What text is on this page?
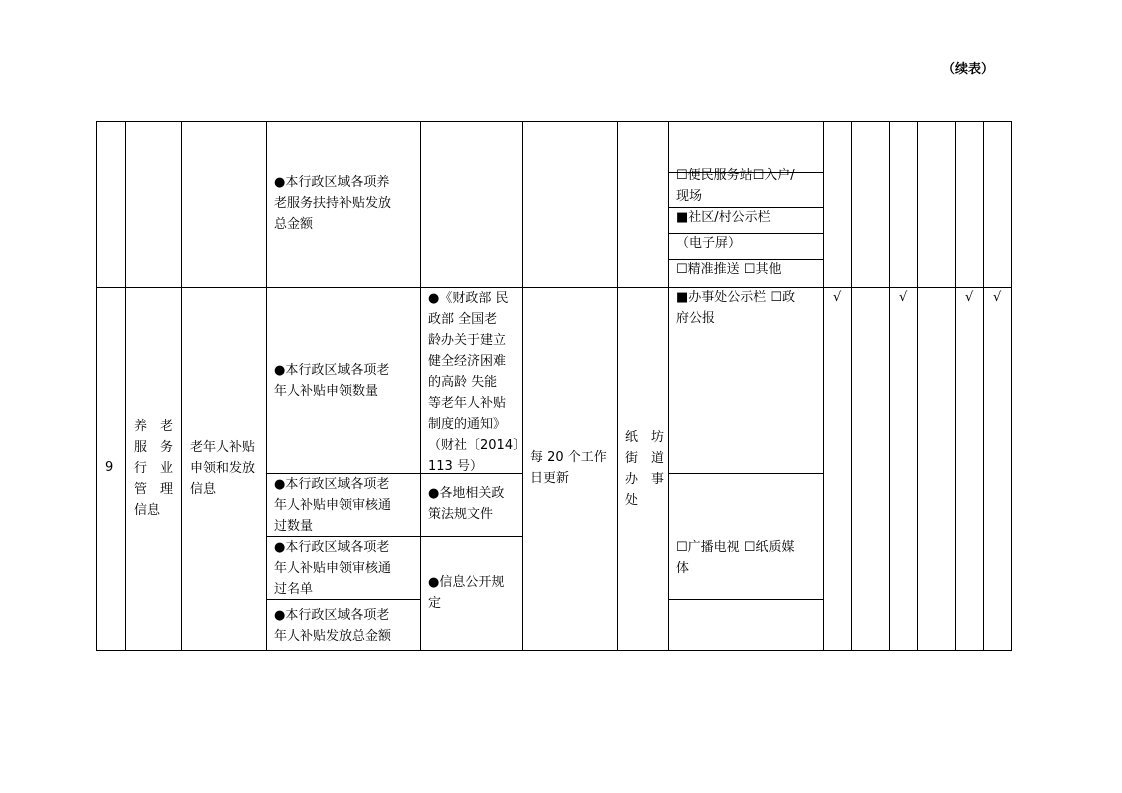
（续表）
●本行政区域各项养
老服务扶持补贴发放
总金额
☐便民服务站☐入户/
现场
■社区/村公示栏
（电子屏）
☐精准推送 ☐其他
9
养　老
服　务
行　业
管　理
信息
老年人补贴
申领和发放
信息
●本行政区域各项老
年人补贴申领数量
●本行政区域各项老
年人补贴申领审核通
过数量
●本行政区域各项老
年人补贴申领审核通
过名单
●本行政区域各项老
年人补贴发放总金额
●《财政部 民
政部 全国老
龄办关于建立
健全经济困难
的高龄 失能
等老年人补贴
制度的通知》
（财社〔2014〕
113 号）
●各地相关政
策法规文件
●信息公开规
定
每 20 个工作
日更新
纸　坊
街　道
办　事
处
■办事处公示栏 ☐政
府公报
☐广播电视 ☐纸质媒
体
√	√	√ √
